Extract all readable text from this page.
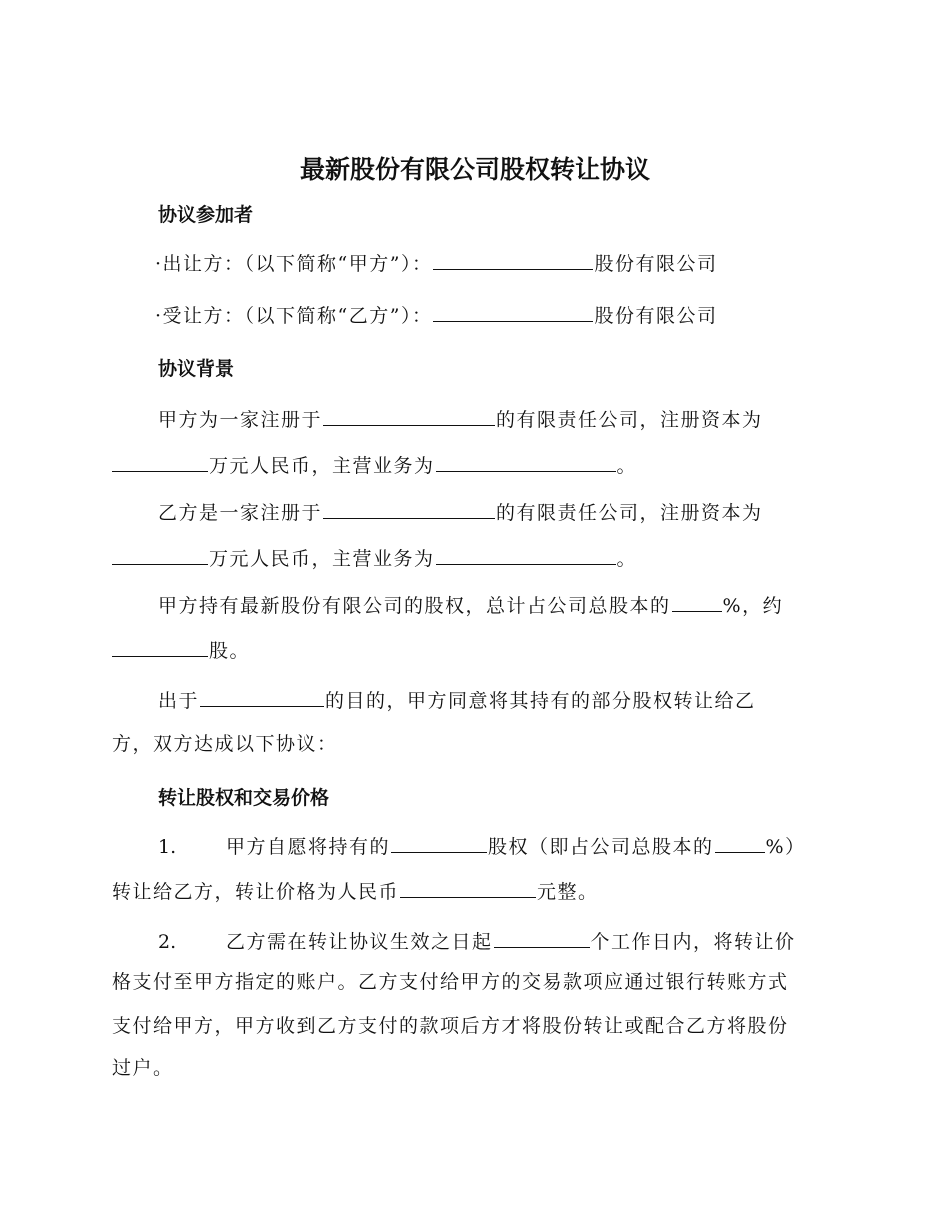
最新股份有限公司股权转让协议
协议参加者
·出让方：（以下简称“甲方”）：	股份有限公司
·受让方：（以下简称“乙方”）：	股份有限公司
协议背景
甲方为一家注册于	的有限责任公司，注册资本为
万元人民币，主营业务为	。
乙方是一家注册于	的有限责任公司，注册资本为
万元人民币，主营业务为	。
甲方持有最新股份有限公司的股权，总计占公司总股本的	%，约
股。
出于	的目的，甲方同意将其持有的部分股权转让给乙
方，双方达成以下协议：
转让股权和交易价格
1.	甲方自愿将持有的	股权（即占公司总股本的	%）
转让给乙方，转让价格为人民币	元整。
2.	乙方需在转让协议生效之日起	个工作日内，将转让价
格支付至甲方指定的账户。乙方支付给甲方的交易款项应通过银行转账方式
支付给甲方，甲方收到乙方支付的款项后方才将股份转让或配合乙方将股份
过户。
